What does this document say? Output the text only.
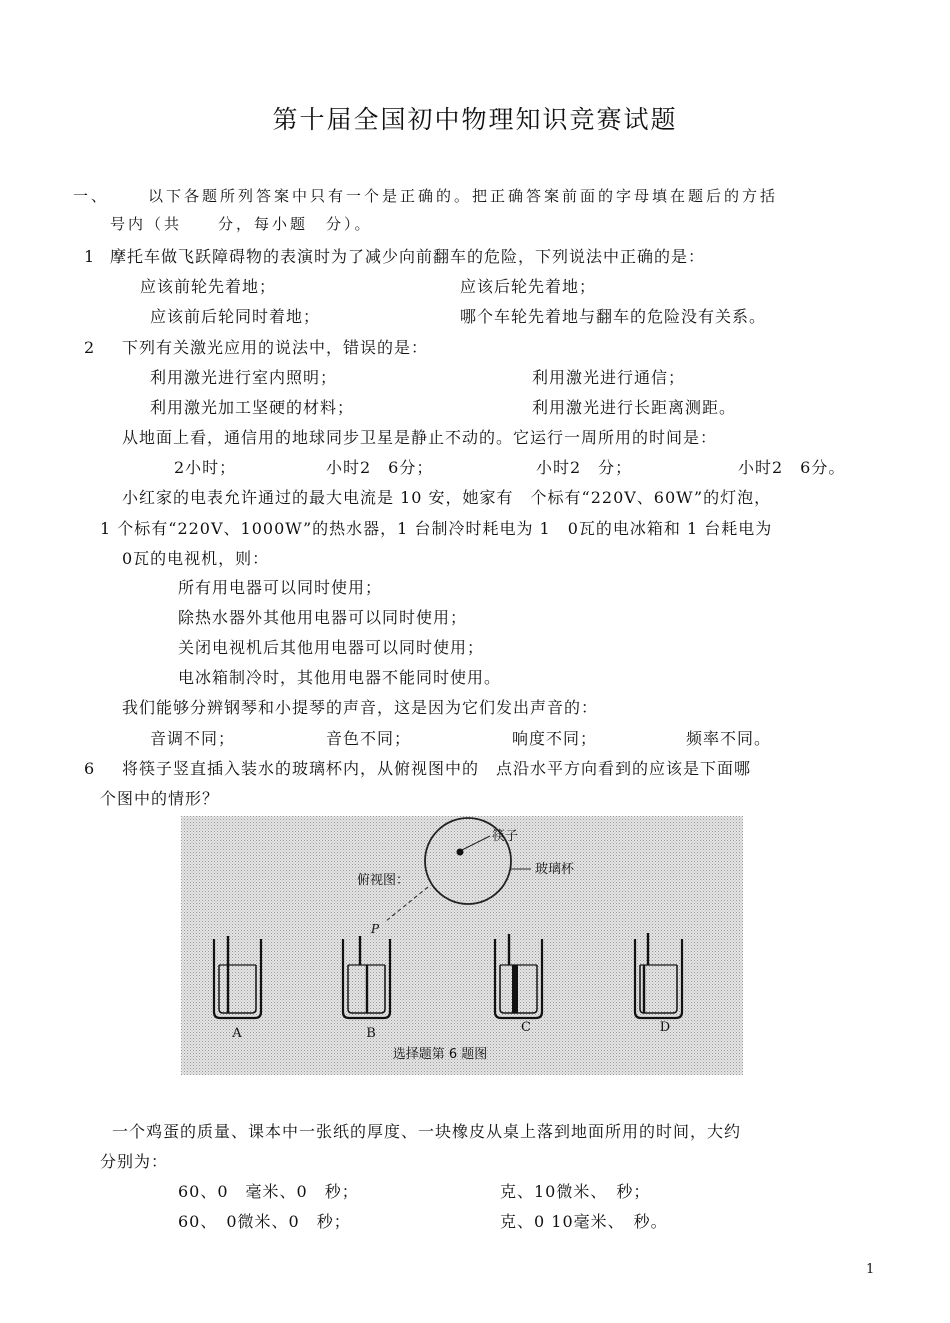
第十届全国初中物理知识竞赛试题
一、	以下各题所列答案中只有一个是正确的。把正确答案前面的字母填在题后的方括
号内（共　　分，每小题　分）。
1 摩托车做飞跃障碍物的表演时为了减少向前翻车的危险，下列说法中正确的是：
应该前轮先着地；	应该后轮先着地；
应该前后轮同时着地；	哪个车轮先着地与翻车的危险没有关系。
2 下列有关激光应用的说法中，错误的是：
利用激光进行室内照明；	利用激光进行通信；
利用激光加工坚硬的材料；	利用激光进行长距离测距。
从地面上看，通信用的地球同步卫星是静止不动的。它运行一周所用的时间是：
2小时；	小时2　6分；	小时2　分；	小时2　6分。
小红家的电表允许通过的最大电流是 10 安，她家有　个标有“220V、60W”的灯泡，
1 个标有“220V、1000W”的热水器，1 台制冷时耗电为 1　0瓦的电冰箱和 1 台耗电为
0瓦的电视机，则：
所有用电器可以同时使用；
除热水器外其他用电器可以同时使用；
关闭电视机后其他用电器可以同时使用；
电冰箱制冷时，其他用电器不能同时使用。
我们能够分辨钢琴和小提琴的声音，这是因为它们发出声音的：
音调不同；	音色不同；	响度不同；	频率不同。
6 将筷子竖直插入装水的玻璃杯内，从俯视图中的　点沿水平方向看到的应该是下面哪
个图中的情形？
筷子
玻璃杯
俯视图：
P
A	B	C	D
选择题第 6 题图
一个鸡蛋的质量、课本中一张纸的厚度、一块橡皮从桌上落到地面所用的时间，大约
分别为：
60、0　毫米、0　秒；	克、10微米、　秒；
60、　0微米、0　秒；	克、0 10毫米、　秒。
1
